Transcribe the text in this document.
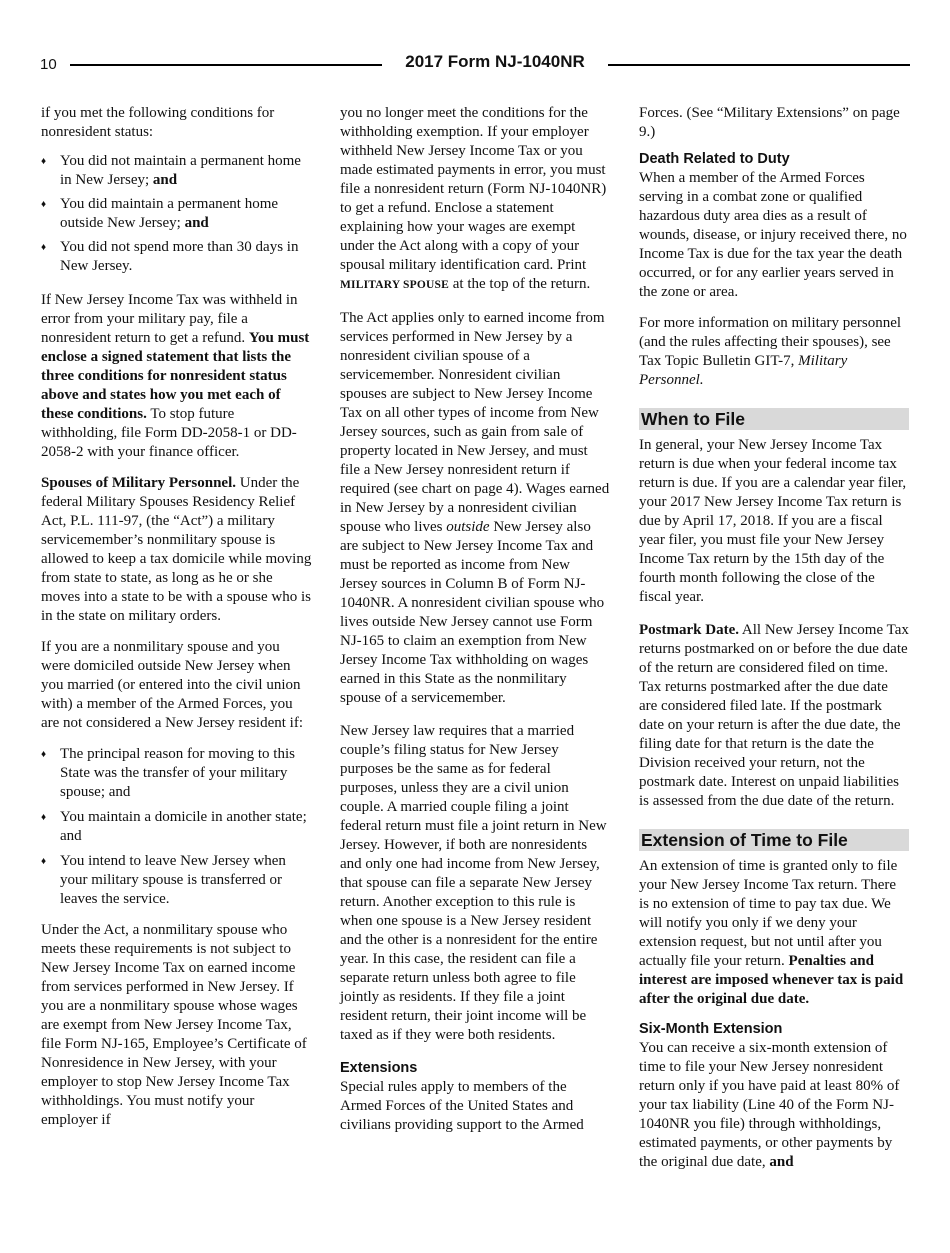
10	2017 Form NJ-1040NR

if you met the following conditions for nonresident status:

♦ You did not maintain a permanent home in New Jersey; and
♦ You did maintain a permanent home outside New Jersey; and
♦ You did not spend more than 30 days in New Jersey.

If New Jersey Income Tax was withheld in error from your military pay, file a nonresident return to get a refund. You must enclose a signed statement that lists the three conditions for nonresident status above and states how you met each of these conditions. To stop future withholding, file Form DD-2058-1 or DD-2058-2 with your finance officer.

Spouses of Military Personnel. Under the federal Military Spouses Residency Relief Act, P.L. 111-97, (the “Act”) a military servicemember’s nonmilitary spouse is allowed to keep a tax domicile while moving from state to state, as long as he or she moves into a state to be with a spouse who is in the state on military orders.

If you are a nonmilitary spouse and you were domiciled outside New Jersey when you married (or entered into the civil union with) a member of the Armed Forces, you are not considered a New Jersey resident if:

♦ The principal reason for moving to this State was the transfer of your military spouse; and
♦ You maintain a domicile in another state; and
♦ You intend to leave New Jersey when your military spouse is transferred or leaves the service.

Under the Act, a nonmilitary spouse who meets these requirements is not subject to New Jersey Income Tax on earned income from services performed in New Jersey. If you are a nonmilitary spouse whose wages are exempt from New Jersey Income Tax, file Form NJ-165, Employee’s Certificate of Nonresidence in New Jersey, with your employer to stop New Jersey Income Tax withholdings. You must notify your employer if

you no longer meet the conditions for the withholding exemption. If your employer withheld New Jersey Income Tax or you made estimated payments in error, you must file a nonresident return (Form NJ-1040NR) to get a refund. Enclose a statement explaining how your wages are exempt under the Act along with a copy of your spousal military identification card. Print MILITARY SPOUSE at the top of the return.

The Act applies only to earned income from services performed in New Jersey by a nonresident civilian spouse of a servicemember. Nonresident civilian spouses are subject to New Jersey Income Tax on all other types of income from New Jersey sources, such as gain from sale of property located in New Jersey, and must file a New Jersey nonresident return if required (see chart on page 4). Wages earned in New Jersey by a nonresident civilian spouse who lives outside New Jersey also are subject to New Jersey Income Tax and must be reported as income from New Jersey sources in Column B of Form NJ-1040NR. A nonresident civilian spouse who lives outside New Jersey cannot use Form NJ-165 to claim an exemption from New Jersey Income Tax withholding on wages earned in this State as the nonmilitary spouse of a servicemember.

New Jersey law requires that a married couple’s filing status for New Jersey purposes be the same as for federal purposes, unless they are a civil union couple. A married couple filing a joint federal return must file a joint return in New Jersey. However, if both are nonresidents and only one had income from New Jersey, that spouse can file a separate New Jersey return. Another exception to this rule is when one spouse is a New Jersey resident and the other is a nonresident for the entire year. In this case, the resident can file a separate return unless both agree to file jointly as residents. If they file a joint resident return, their joint income will be taxed as if they were both residents.

Extensions

Special rules apply to members of the Armed Forces of the United States and civilians providing support to the Armed

Forces. (See “Military Extensions” on page 9.)

Death Related to Duty

When a member of the Armed Forces serving in a combat zone or qualified hazardous duty area dies as a result of wounds, disease, or injury received there, no Income Tax is due for the tax year the death occurred, or for any earlier years served in the zone or area.

For more information on military personnel (and the rules affecting their spouses), see Tax Topic Bulletin GIT-7, Military Personnel.

When to File

In general, your New Jersey Income Tax return is due when your federal income tax return is due. If you are a calendar year filer, your 2017 New Jersey Income Tax return is due by April 17, 2018. If you are a fiscal year filer, you must file your New Jersey Income Tax return by the 15th day of the fourth month following the close of the fiscal year.

Postmark Date. All New Jersey Income Tax returns postmarked on or before the due date of the return are considered filed on time. Tax returns postmarked after the due date are considered filed late. If the postmark date on your return is after the due date, the filing date for that return is the date the Division received your return, not the postmark date. Interest on unpaid liabilities is assessed from the due date of the return.

Extension of Time to File

An extension of time is granted only to file your New Jersey Income Tax return. There is no extension of time to pay tax due. We will notify you only if we deny your extension request, but not until after you actually file your return. Penalties and interest are imposed whenever tax is paid after the original due date.

Six-Month Extension

You can receive a six-month extension of time to file your New Jersey nonresident return only if you have paid at least 80% of your tax liability (Line 40 of the Form NJ-1040NR you file) through withholdings, estimated payments, or other payments by the original due date, and
